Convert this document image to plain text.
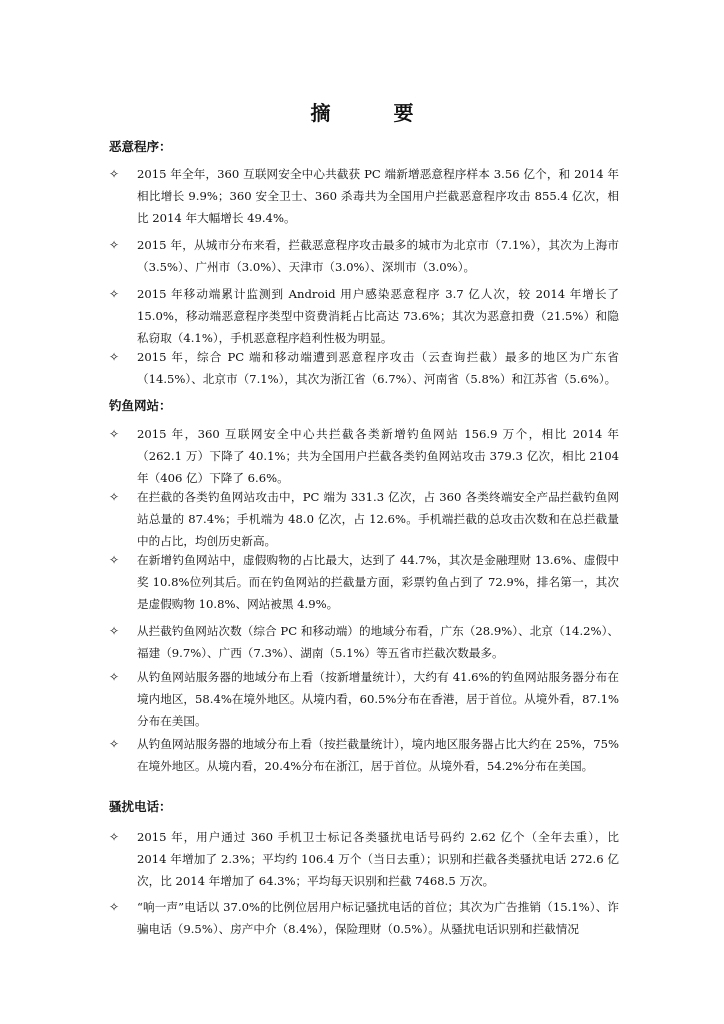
摘 要
恶意程序：
✧ 2015 年全年，360 互联网安全中心共截获 PC 端新增恶意程序样本 3.56 亿个，和 2014 年相比增长 9.9%；360 安全卫士、360 杀毒共为全国用户拦截恶意程序攻击 855.4 亿次，相比 2014 年大幅增长 49.4%。
✧ 2015 年，从城市分布来看，拦截恶意程序攻击最多的城市为北京市（7.1%），其次为上海市（3.5%）、广州市（3.0%）、天津市（3.0%）、深圳市（3.0%）。
✧ 2015 年移动端累计监测到 Android 用户感染恶意程序 3.7 亿人次，较 2014 年增长了 15.0%，移动端恶意程序类型中资费消耗占比高达 73.6%；其次为恶意扣费（21.5%）和隐私窃取（4.1%），手机恶意程序趋利性极为明显。
✧ 2015 年，综合 PC 端和移动端遭到恶意程序攻击（云查询拦截）最多的地区为广东省（14.5%）、北京市（7.1%），其次为浙江省（6.7%）、河南省（5.8%）和江苏省（5.6%）。
钓鱼网站：
✧ 2015 年，360 互联网安全中心共拦截各类新增钓鱼网站 156.9 万个，相比 2014 年（262.1 万）下降了 40.1%；共为全国用户拦截各类钓鱼网站攻击 379.3 亿次，相比 2104 年（406 亿）下降了 6.6%。
✧ 在拦截的各类钓鱼网站攻击中，PC 端为 331.3 亿次，占 360 各类终端安全产品拦截钓鱼网站总量的 87.4%；手机端为 48.0 亿次，占 12.6%。手机端拦截的总攻击次数和在总拦截量中的占比，均创历史新高。
✧ 在新增钓鱼网站中，虚假购物的占比最大，达到了 44.7%，其次是金融理财 13.6%、虚假中奖 10.8%位列其后。而在钓鱼网站的拦截量方面，彩票钓鱼占到了 72.9%，排名第一，其次是虚假购物 10.8%、网站被黑 4.9%。
✧ 从拦截钓鱼网站次数（综合 PC 和移动端）的地域分布看，广东（28.9%）、北京（14.2%）、福建（9.7%）、广西（7.3%）、湖南（5.1%）等五省市拦截次数最多。
✧ 从钓鱼网站服务器的地域分布上看（按新增量统计），大约有 41.6%的钓鱼网站服务器分布在境内地区，58.4%在境外地区。从境内看，60.5%分布在香港，居于首位。从境外看，87.1%分布在美国。
✧ 从钓鱼网站服务器的地域分布上看（按拦截量统计），境内地区服务器占比大约在 25%，75%在境外地区。从境内看，20.4%分布在浙江，居于首位。从境外看，54.2%分布在美国。
骚扰电话：
✧ 2015 年，用户通过 360 手机卫士标记各类骚扰电话号码约 2.62 亿个（全年去重），比 2014 年增加了 2.3%；平均约 106.4 万个（当日去重）；识别和拦截各类骚扰电话 272.6 亿次，比 2014 年增加了 64.3%；平均每天识别和拦截 7468.5 万次。
✧ “响一声”电话以 37.0%的比例位居用户标记骚扰电话的首位；其次为广告推销（15.1%）、诈骗电话（9.5%）、房产中介（8.4%），保险理财（0.5%）。从骚扰电话识别和拦截情况
